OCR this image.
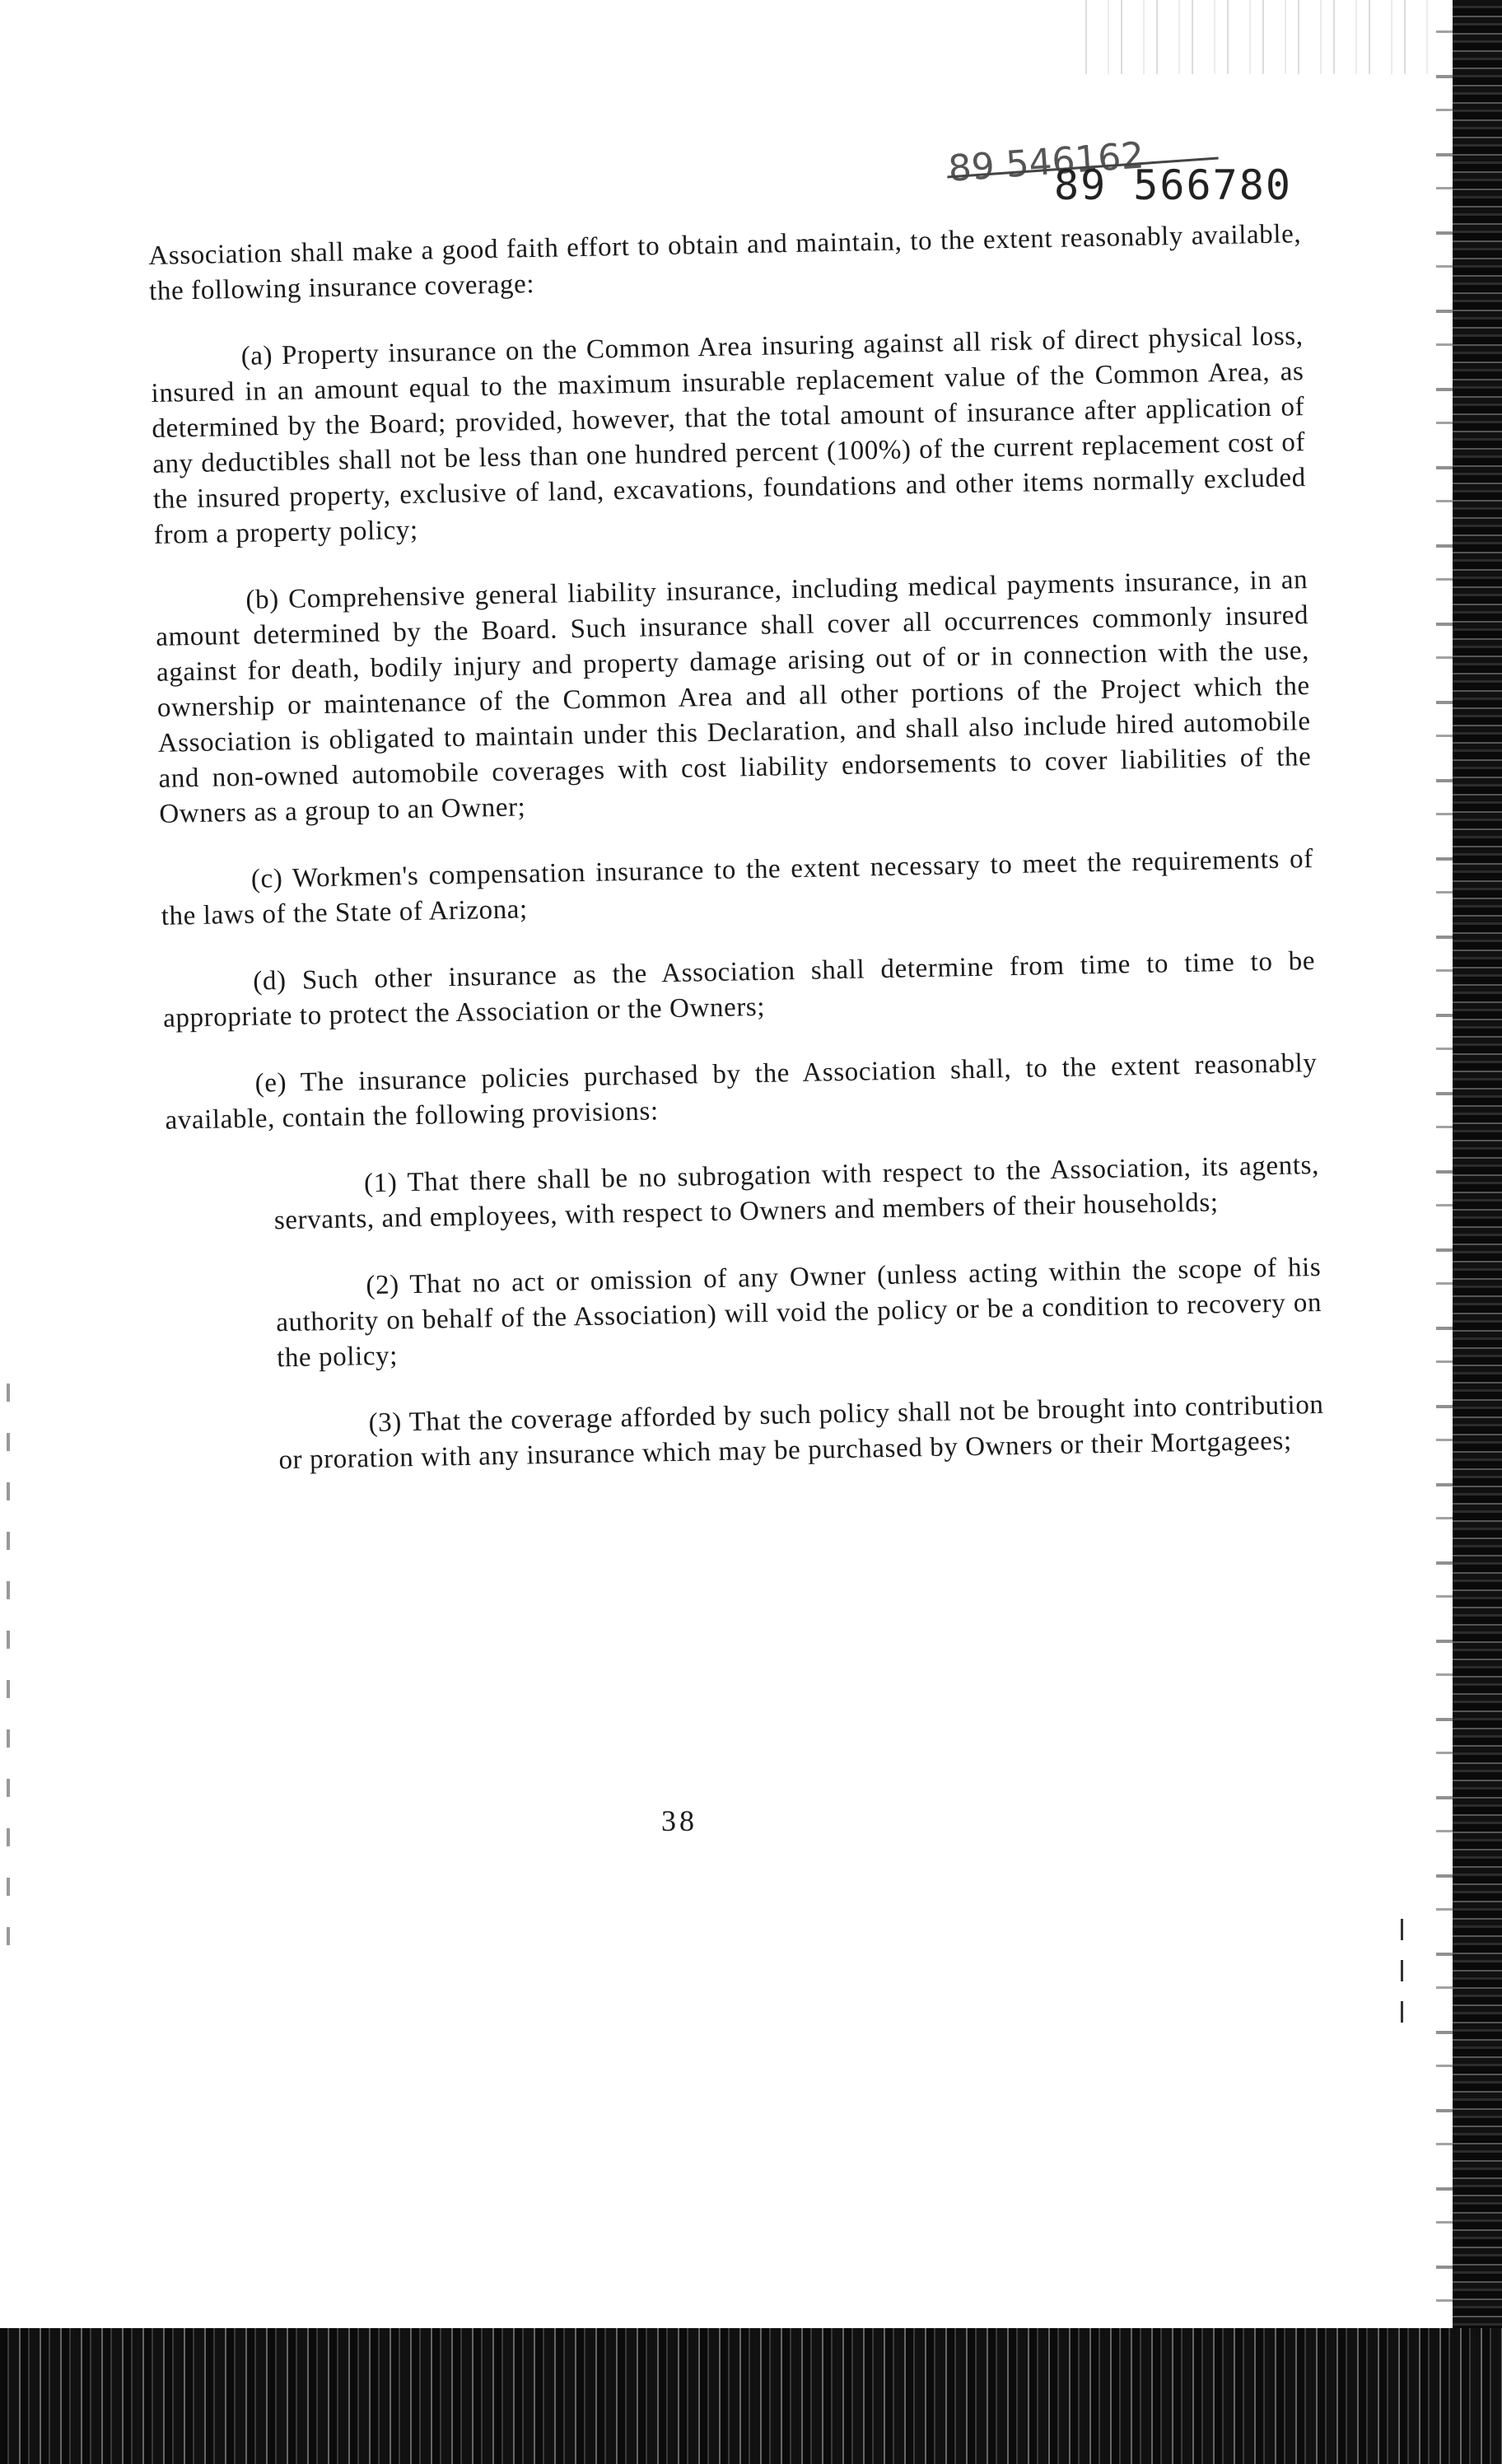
89 546162
89 566780

Association shall make a good faith effort to obtain and maintain, to the extent reasonably available, the following insurance coverage:

(a) Property insurance on the Common Area insuring against all risk of direct physical loss, insured in an amount equal to the maximum insurable replacement value of the Common Area, as determined by the Board; provided, however, that the total amount of insurance after application of any deductibles shall not be less than one hundred percent (100%) of the current replacement cost of the insured property, exclusive of land, excavations, foundations and other items normally excluded from a property policy;

(b) Comprehensive general liability insurance, including medical payments insurance, in an amount determined by the Board. Such insurance shall cover all occurrences commonly insured against for death, bodily injury and property damage arising out of or in connection with the use, ownership or maintenance of the Common Area and all other portions of the Project which the Association is obligated to maintain under this Declaration, and shall also include hired automobile and non-owned automobile coverages with cost liability endorsements to cover liabilities of the Owners as a group to an Owner;

(c) Workmen's compensation insurance to the extent necessary to meet the requirements of the laws of the State of Arizona;

(d) Such other insurance as the Association shall determine from time to time to be appropriate to protect the Association or the Owners;

(e) The insurance policies purchased by the Association shall, to the extent reasonably available, contain the following provisions:

(1) That there shall be no subrogation with respect to the Association, its agents, servants, and employees, with respect to Owners and members of their households;

(2) That no act or omission of any Owner (unless acting within the scope of his authority on behalf of the Association) will void the policy or be a condition to recovery on the policy;

(3) That the coverage afforded by such policy shall not be brought into contribution or proration with any insurance which may be purchased by Owners or their Mortgagees;

38
